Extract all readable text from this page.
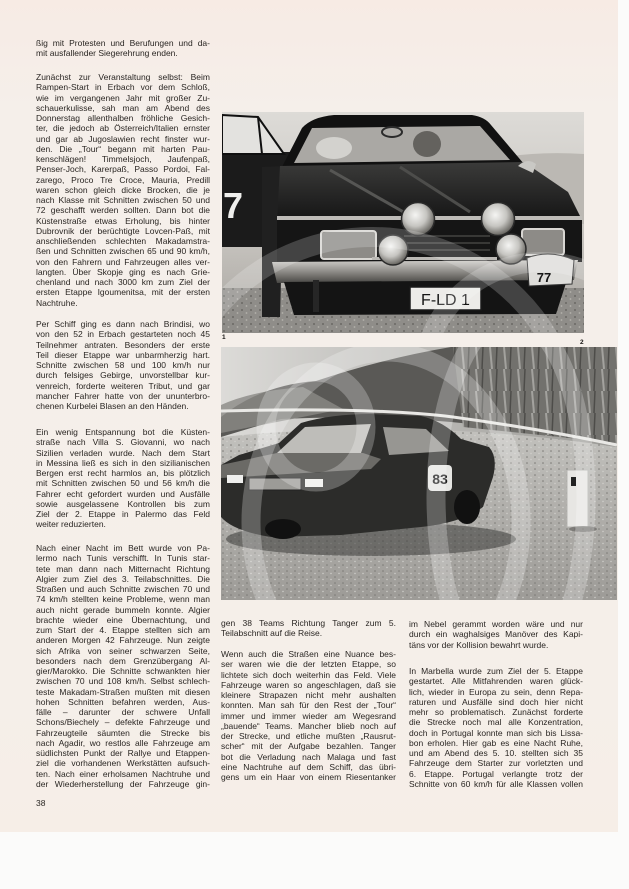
ßig mit Protesten und Berufungen und da-
mit ausfallender Siegerehrung enden.
Zunächst zur Veranstaltung selbst: Beim
Rampen-Start in Erbach vor dem Schloß,
wie im vergangenen Jahr mit großer Zu-
schauerkulisse, sah man am Abend des
Donnerstag allenthalben fröhliche Gesich-
ter, die jedoch ab Österreich/Italien ernster
und gar ab Jugoslawien recht finster wur-
den. Die „Tour“ begann mit harten Pau-
kenschlägen! Timmelsjoch, Jaufenpaß,
Penser-Joch, Karerpaß, Passo Pordoi, Fal-
zarego, Proco Tre Croce, Mauria, Predill
waren schon gleich dicke Brocken, die je
nach Klasse mit Schnitten zwischen 50 und
72 geschafft werden sollten. Dann bot die
Küstenstraße etwas Erholung, bis hinter
Dubrovnik der berüchtigte Lovcen-Paß, mit
anschließenden schlechten Makadamstra-
ßen und Schnitten zwischen 65 und 90 km/h,
von den Fahrern und Fahrzeugen alles ver-
langten. Über Skopje ging es nach Grie-
chenland und nach 3000 km zum Ziel der
ersten Etappe Igoumenitsa, mit der ersten
Nachtruhe.
Per Schiff ging es dann nach Brindisi, wo
von den 52 in Erbach gestarteten noch 45
Teilnehmer antraten. Besonders der erste
Teil dieser Etappe war unbarmherzig hart.
Schnitte zwischen 58 und 100 km/h nur
durch felsiges Gebirge, unvorstellbar kur-
venreich, forderte weiteren Tribut, und gar
mancher Fahrer hatte von der ununterbro-
chenen Kurbelei Blasen an den Händen.
Ein wenig Entspannung bot die Küsten-
straße nach Villa S. Giovanni, wo nach
Sizilien verladen wurde. Nach dem Start
in Messina ließ es sich in den sizilianischen
Bergen erst recht harmlos an, bis plötzlich
mit Schnitten zwischen 50 und 56 km/h die
Fahrer echt gefordert wurden und Ausfälle
sowie ausgelassene Kontrollen bis zum
Ziel der 2. Etappe in Palermo das Feld
weiter reduzierten.
Nach einer Nacht im Bett wurde von Pa-
lermo nach Tunis verschifft. In Tunis star-
tete man dann nach Mitternacht Richtung
Algier zum Ziel des 3. Teilabschnittes. Die
Straßen und auch Schnitte zwischen 70 und
74 km/h stellten keine Probleme, wenn man
auch nicht gerade bummeln konnte. Algier
brachte wieder eine Übernachtung, und
zum Start der 4. Etappe stellten sich am
anderen Morgen 42 Fahrzeuge. Nun zeigte
sich Afrika von seiner schwarzen Seite,
besonders nach dem Grenzübergang Al-
gier/Marokko. Die Schnitte schwankten hier
zwischen 70 und 108 km/h. Selbst schlech-
teste Makadam-Straßen mußten mit diesen
hohen Schnitten befahren werden, Aus-
fälle – darunter der schwere Unfall
Schons/Biechely – defekte Fahrzeuge und
Fahrzeugteile säumten die Strecke bis
nach Agadir, wo restlos alle Fahrzeuge am
südlichsten Punkt der Rallye und Etappen-
ziel die vorhandenen Werkstätten aufsuch-
ten. Nach einer erholsamen Nachtruhe und
der Wiederherstellung der Fahrzeuge gin-
gen 38 Teams Richtung Tanger zum 5.
Teilabschnitt auf die Reise.
Wenn auch die Straßen eine Nuance bes-
ser waren wie die der letzten Etappe, so
lichtete sich doch weiterhin das Feld. Viele
Fahrzeuge waren so angeschlagen, daß sie
kleinere Strapazen nicht mehr aushalten
konnten. Man sah für den Rest der „Tour“
immer und immer wieder am Wegesrand
„bauende“ Teams. Mancher blieb noch auf
der Strecke, und etliche mußten „Rausrut-
scher“ mit der Aufgabe bezahlen. Tanger
bot die Verladung nach Malaga und fast
eine Nachtruhe auf dem Schiff, das übri-
gens um ein Haar von einem Riesentanker
im Nebel gerammt worden wäre und nur
durch ein waghalsiges Manöver des Kapi-
täns vor der Kollision bewahrt wurde.
In Marbella wurde zum Ziel der 5. Etappe
gestartet. Alle Mitfahrenden waren glück-
lich, wieder in Europa zu sein, denn Repa-
raturen und Ausfälle sind doch hier nicht
mehr so problematisch. Zunächst forderte
die Strecke noch mal alle Konzentration,
doch in Portugal konnte man sich bis Lissa-
bon erholen. Hier gab es eine Nacht Ruhe,
und am Abend des 5. 10. stellten sich 35
Fahrzeuge dem Starter zur vorletzten und
6. Etappe. Portugal verlangte trotz der
Schnitte von 60 km/h für alle Klassen vollen
7
F-LD 1
77
83
1
2
38
